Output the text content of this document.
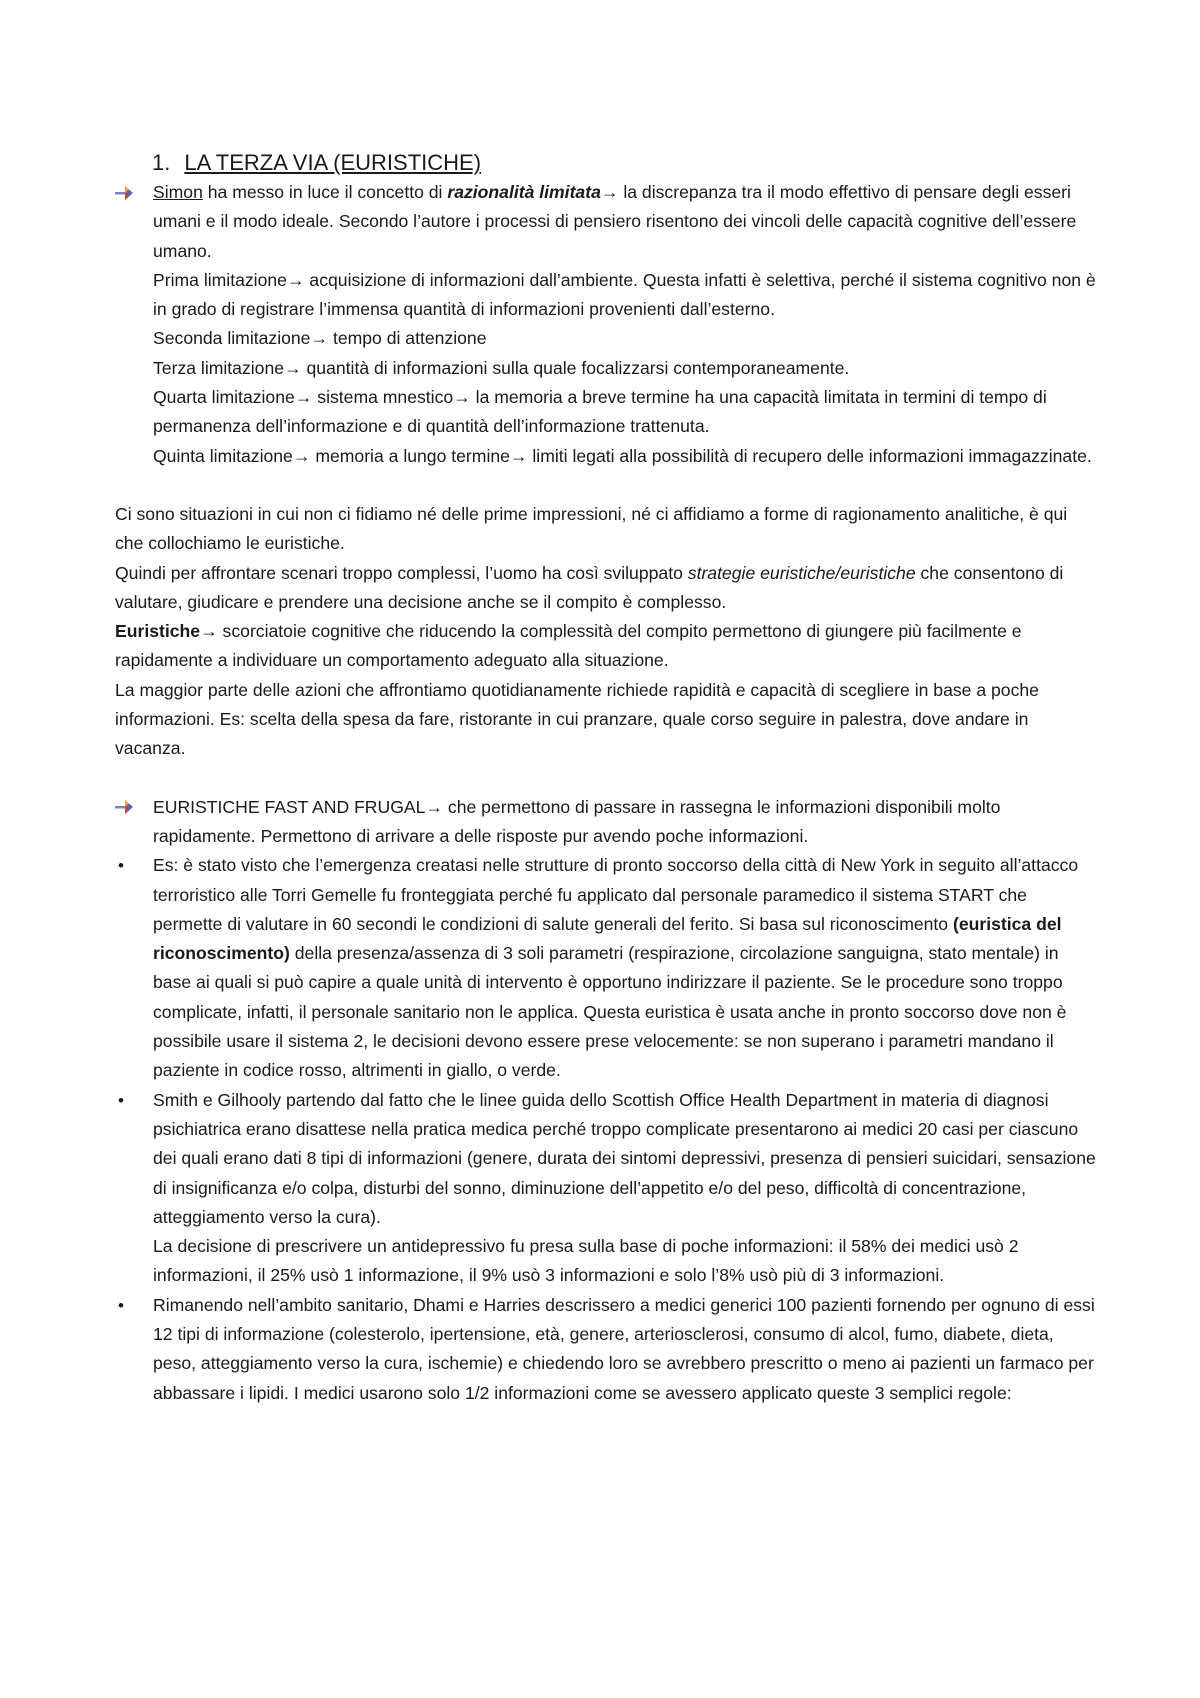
1. LA TERZA VIA (EURISTICHE)

Simon ha messo in luce il concetto di razionalità limitata→ la discrepanza tra il modo effettivo di pensare degli esseri umani e il modo ideale. Secondo l’autore i processi di pensiero risentono dei vincoli delle capacità cognitive dell’essere umano.

Prima limitazione→ acquisizione di informazioni dall’ambiente. Questa infatti è selettiva, perché il sistema cognitivo non è in grado di registrare l’immensa quantità di informazioni provenienti dall’esterno.

Seconda limitazione→ tempo di attenzione

Terza limitazione→ quantità di informazioni sulla quale focalizzarsi contemporaneamente.

Quarta limitazione→ sistema mnestico→ la memoria a breve termine ha una capacità limitata in termini di tempo di permanenza dell’informazione e di quantità dell’informazione trattenuta.

Quinta limitazione→ memoria a lungo termine→ limiti legati alla possibilità di recupero delle informazioni immagazzinate.

Ci sono situazioni in cui non ci fidiamo né delle prime impressioni, né ci affidiamo a forme di ragionamento analitiche, è qui che collochiamo le euristiche.

Quindi per affrontare scenari troppo complessi, l’uomo ha così sviluppato strategie euristiche/euristiche che consentono di valutare, giudicare e prendere una decisione anche se il compito è complesso.

Euristiche→ scorciatoie cognitive che riducendo la complessità del compito permettono di giungere più facilmente e rapidamente a individuare un comportamento adeguato alla situazione.

La maggior parte delle azioni che affrontiamo quotidianamente richiede rapidità e capacità di scegliere in base a poche informazioni. Es: scelta della spesa da fare, ristorante in cui pranzare, quale corso seguire in palestra, dove andare in vacanza.

EURISTICHE FAST AND FRUGAL→ che permettono di passare in rassegna le informazioni disponibili molto rapidamente. Permettono di arrivare a delle risposte pur avendo poche informazioni.

• Es: è stato visto che l’emergenza creatasi nelle strutture di pronto soccorso della città di New York in seguito all’attacco terroristico alle Torri Gemelle fu fronteggiata perché fu applicato dal personale paramedico il sistema START che permette di valutare in 60 secondi le condizioni di salute generali del ferito. Si basa sul riconoscimento (euristica del riconoscimento) della presenza/assenza di 3 soli parametri (respirazione, circolazione sanguigna, stato mentale) in base ai quali si può capire a quale unità di intervento è opportuno indirizzare il paziente. Se le procedure sono troppo complicate, infatti, il personale sanitario non le applica. Questa euristica è usata anche in pronto soccorso dove non è possibile usare il sistema 2, le decisioni devono essere prese velocemente: se non superano i parametri mandano il paziente in codice rosso, altrimenti in giallo, o verde.

• Smith e Gilhooly partendo dal fatto che le linee guida dello Scottish Office Health Department in materia di diagnosi psichiatrica erano disattese nella pratica medica perché troppo complicate presentarono ai medici 20 casi per ciascuno dei quali erano dati 8 tipi di informazioni (genere, durata dei sintomi depressivi, presenza di pensieri suicidari, sensazione di insignificanza e/o colpa, disturbi del sonno, diminuzione dell’appetito e/o del peso, difficoltà di concentrazione, atteggiamento verso la cura).

La decisione di prescrivere un antidepressivo fu presa sulla base di poche informazioni: il 58% dei medici usò 2 informazioni, il 25% usò 1 informazione, il 9% usò 3 informazioni e solo l’8% usò più di 3 informazioni.

• Rimanendo nell’ambito sanitario, Dhami e Harries descrissero a medici generici 100 pazienti fornendo per ognuno di essi 12 tipi di informazione (colesterolo, ipertensione, età, genere, arteriosclerosi, consumo di alcol, fumo, diabete, dieta, peso, atteggiamento verso la cura, ischemie) e chiedendo loro se avrebbero prescritto o meno ai pazienti un farmaco per abbassare i lipidi. I medici usarono solo 1/2 informazioni come se avessero applicato queste 3 semplici regole:
